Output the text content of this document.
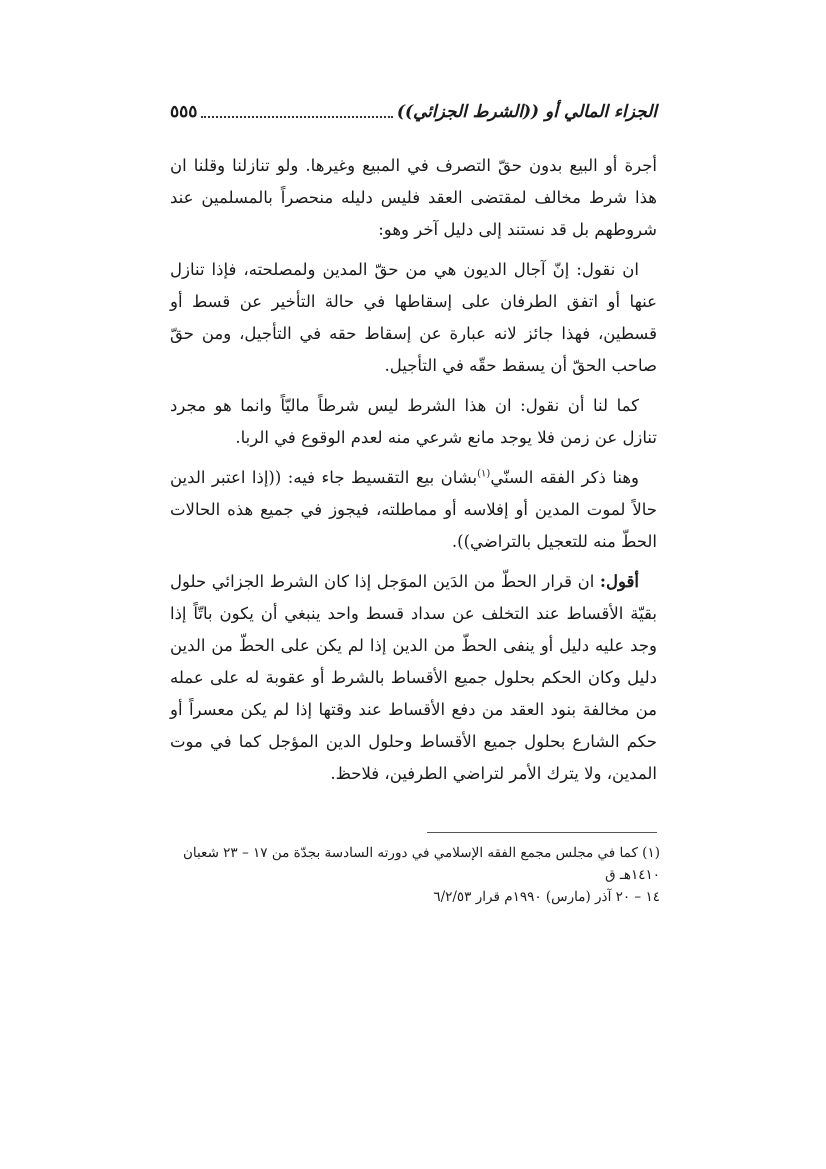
الجزاء المالي أو ((الشرط الجزائي))
٥٥٥

أجرة أو البيع بدون حقّ التصرف في المبيع وغيرها. ولو تنازلنا وقلنا ان هذا شرط مخالف لمقتضى العقد فليس دليله منحصراً بالمسلمين عند شروطهم بل قد نستند إلى دليل آخر وهو:

ان نقول: إنّ آجال الديون هي من حقّ المدين ولمصلحته، فإذا تنازل عنها أو اتفق الطرفان على إسقاطها في حالة التأخير عن قسط أو قسطين، فهذا جائز لانه عبارة عن إسقاط حقه في التأجيل، ومن حقّ صاحب الحقّ أن يسقط حقّه في التأجيل.

كما لنا أن نقول: ان هذا الشرط ليس شرطاً ماليّاً وانما هو مجرد تنازل عن زمن فلا يوجد مانع شرعي منه لعدم الوقوع في الربا.

وهنا ذكر الفقه السنّي$^{(١)}$بشان بيع التقسيط جاء فيه: ((إذا اعتبر الدين حالاً لموت المدين أو إفلاسه أو مماطلته، فيجوز في جميع هذه الحالات الحطّ منه للتعجيل بالتراضي)).

أقول: ان قرار الحطّ من الدَين الموَجل إذا كان الشرط الجزائي حلول بقيّة الأقساط عند التخلف عن سداد قسط واحد ينبغي أن يكون باتّاً إذا وجد عليه دليل أو ينفى الحطّ من الدين إذا لم يكن على الحطّ من الدين دليل وكان الحكم بحلول جميع الأقساط بالشرط أو عقوبة له على عمله من مخالفة بنود العقد من دفع الأقساط عند وقتها إذا لم يكن معسراً أو حكم الشارع بحلول جميع الأقساط وحلول الدين المؤجل كما في موت المدين، ولا يترك الأمر لتراضي الطرفين، فلاحظ.

(١) كما في مجلس مجمع الفقه الإسلامي في دورته السادسة بجدّة من ١٧ – ٢٣ شعبان ١٤١٠هـ ق
١٤ – ٢٠ آذر (مارس) ١٩٩٠م قرار ٦/٢/٥٣
